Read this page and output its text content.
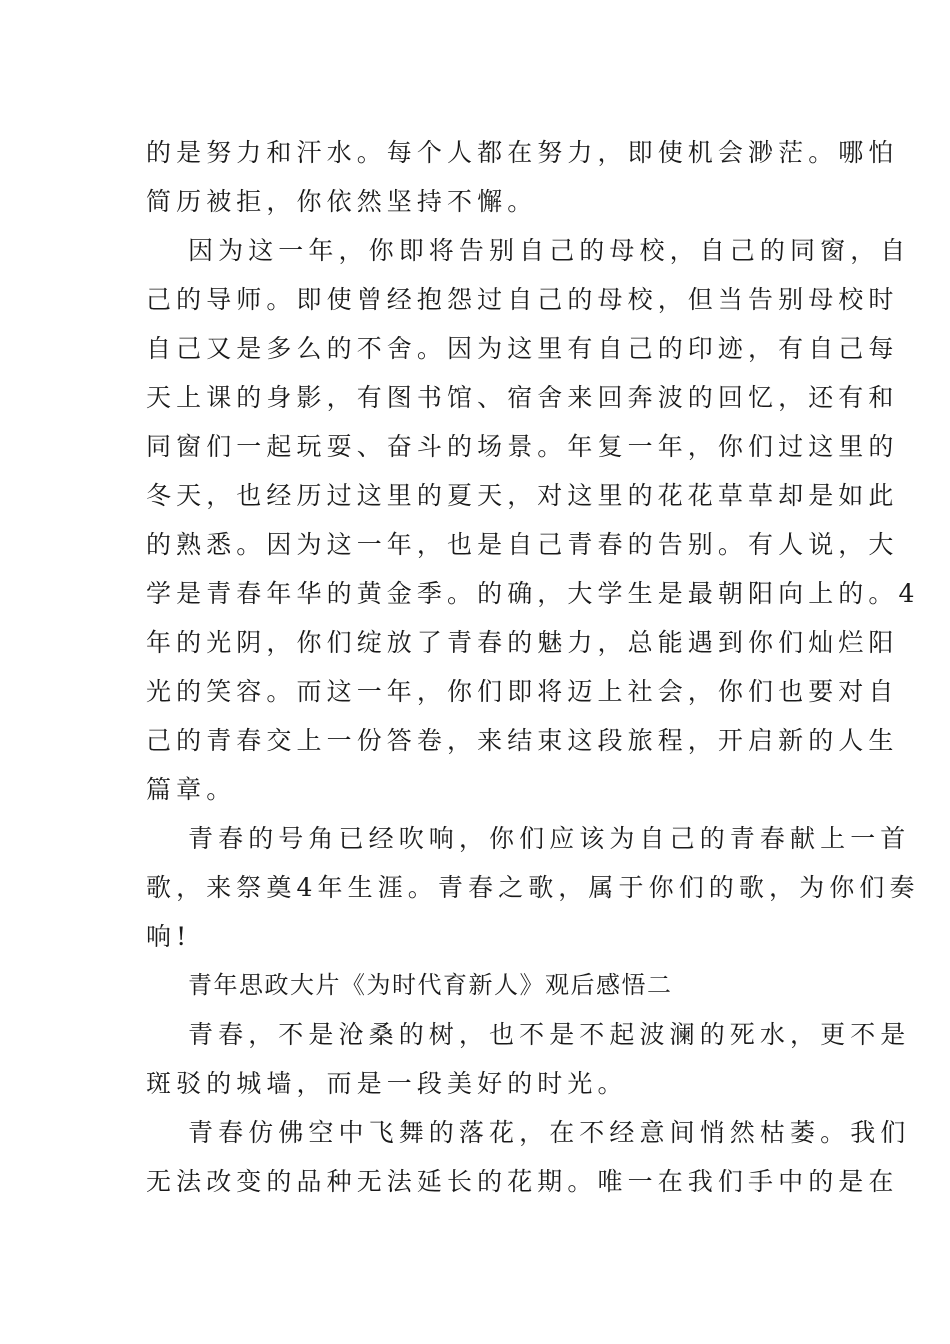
的是努力和汗水。每个人都在努力，即使机会渺茫。哪怕
简历被拒，你依然坚持不懈。
因为这一年，你即将告别自己的母校，自己的同窗，自
己的导师。即使曾经抱怨过自己的母校，但当告别母校时
自己又是多么的不舍。因为这里有自己的印迹，有自己每
天上课的身影，有图书馆、宿舍来回奔波的回忆，还有和
同窗们一起玩耍、奋斗的场景。年复一年，你们过这里的
冬天，也经历过这里的夏天，对这里的花花草草却是如此
的熟悉。因为这一年，也是自己青春的告别。有人说，大
学是青春年华的黄金季。的确，大学生是最朝阳向上的。4
年的光阴，你们绽放了青春的魅力，总能遇到你们灿烂阳
光的笑容。而这一年，你们即将迈上社会，你们也要对自
己的青春交上一份答卷，来结束这段旅程，开启新的人生
篇章。
青春的号角已经吹响，你们应该为自己的青春献上一首
歌，来祭奠4年生涯。青春之歌，属于你们的歌，为你们奏
响!
青年思政大片《为时代育新人》观后感悟二
青春，不是沧桑的树，也不是不起波澜的死水，更不是
斑驳的城墙，而是一段美好的时光。
青春仿佛空中飞舞的落花，在不经意间悄然枯萎。我们
无法改变的品种无法延长的花期。唯一在我们手中的是在
